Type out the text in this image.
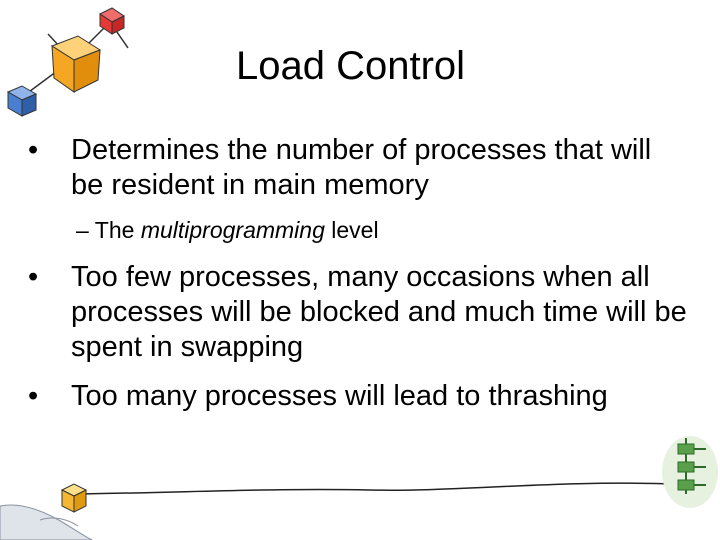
Load Control
• Determines the number of processes that will be resident in main memory
– The multiprogramming level
• Too few processes, many occasions when all processes will be blocked and much time will be spent in swapping
• Too many processes will lead to thrashing
